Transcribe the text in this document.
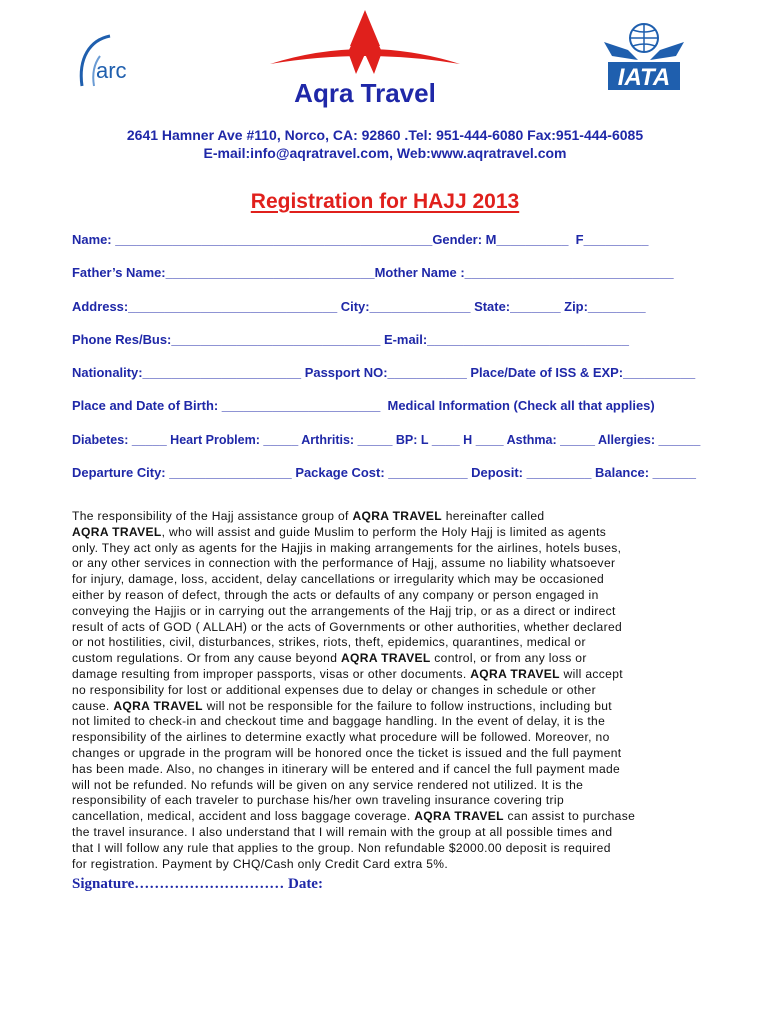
arc
Aqra Travel
IATA
2641 Hamner Ave #110, Norco, CA: 92860 .Tel: 951-444-6080 Fax:951-444-6085
E-mail:info@aqratravel.com, Web:www.aqratravel.com
Registration for HAJJ 2013
Name: ____________________________________________Gender: M__________  F_________
Father’s Name:_____________________________Mother Name :_____________________________
Address:_____________________________ City:______________ State:_______ Zip:________
Phone Res/Bus:_____________________________ E-mail:____________________________
Nationality:______________________ Passport NO:___________ Place/Date of ISS & EXP:__________
Place and Date of Birth: ______________________  Medical Information (Check all that applies)
Diabetes: _____ Heart Problem: _____ Arthritis: _____ BP: L ____ H ____ Asthma: _____ Allergies: ______
Departure City: _________________ Package Cost: ___________ Deposit: _________ Balance: ______
The responsibility of the Hajj assistance group of AQRA TRAVEL hereinafter called
AQRA TRAVEL, who will assist and guide Muslim to perform the Holy Hajj is limited as agents
only. They act only as agents for the Hajjis in making arrangements for the airlines, hotels buses,
or any other services in connection with the performance of Hajj, assume no liability whatsoever
for injury, damage, loss, accident, delay cancellations or irregularity which may be occasioned
either by reason of defect, through the acts or defaults of any company or person engaged in
conveying the Hajjis or in carrying out the arrangements of the Hajj trip, or as a direct or indirect
result of acts of GOD ( ALLAH) or the acts of Governments or other authorities, whether declared
or not hostilities, civil, disturbances, strikes, riots, theft, epidemics, quarantines, medical or
custom regulations. Or from any cause beyond AQRA TRAVEL control, or from any loss or
damage resulting from improper passports, visas or other documents. AQRA TRAVEL will accept
no responsibility for lost or additional expenses due to delay or changes in schedule or other
cause. AQRA TRAVEL will not be responsible for the failure to follow instructions, including but
not limited to check-in and checkout time and baggage handling. In the event of delay, it is the
responsibility of the airlines to determine exactly what procedure will be followed. Moreover, no
changes or upgrade in the program will be honored once the ticket is issued and the full payment
has been made. Also, no changes in itinerary will be entered and if cancel the full payment made
will not be refunded. No refunds will be given on any service rendered not utilized. It is the
responsibility of each traveler to purchase his/her own traveling insurance covering trip
cancellation, medical, accident and loss baggage coverage. AQRA TRAVEL can assist to purchase
the travel insurance. I also understand that I will remain with the group at all possible times and
that I will follow any rule that applies to the group. Non refundable $2000.00 deposit is required
for registration. Payment by CHQ/Cash only Credit Card extra 5%.
Signature………………………… Date:
